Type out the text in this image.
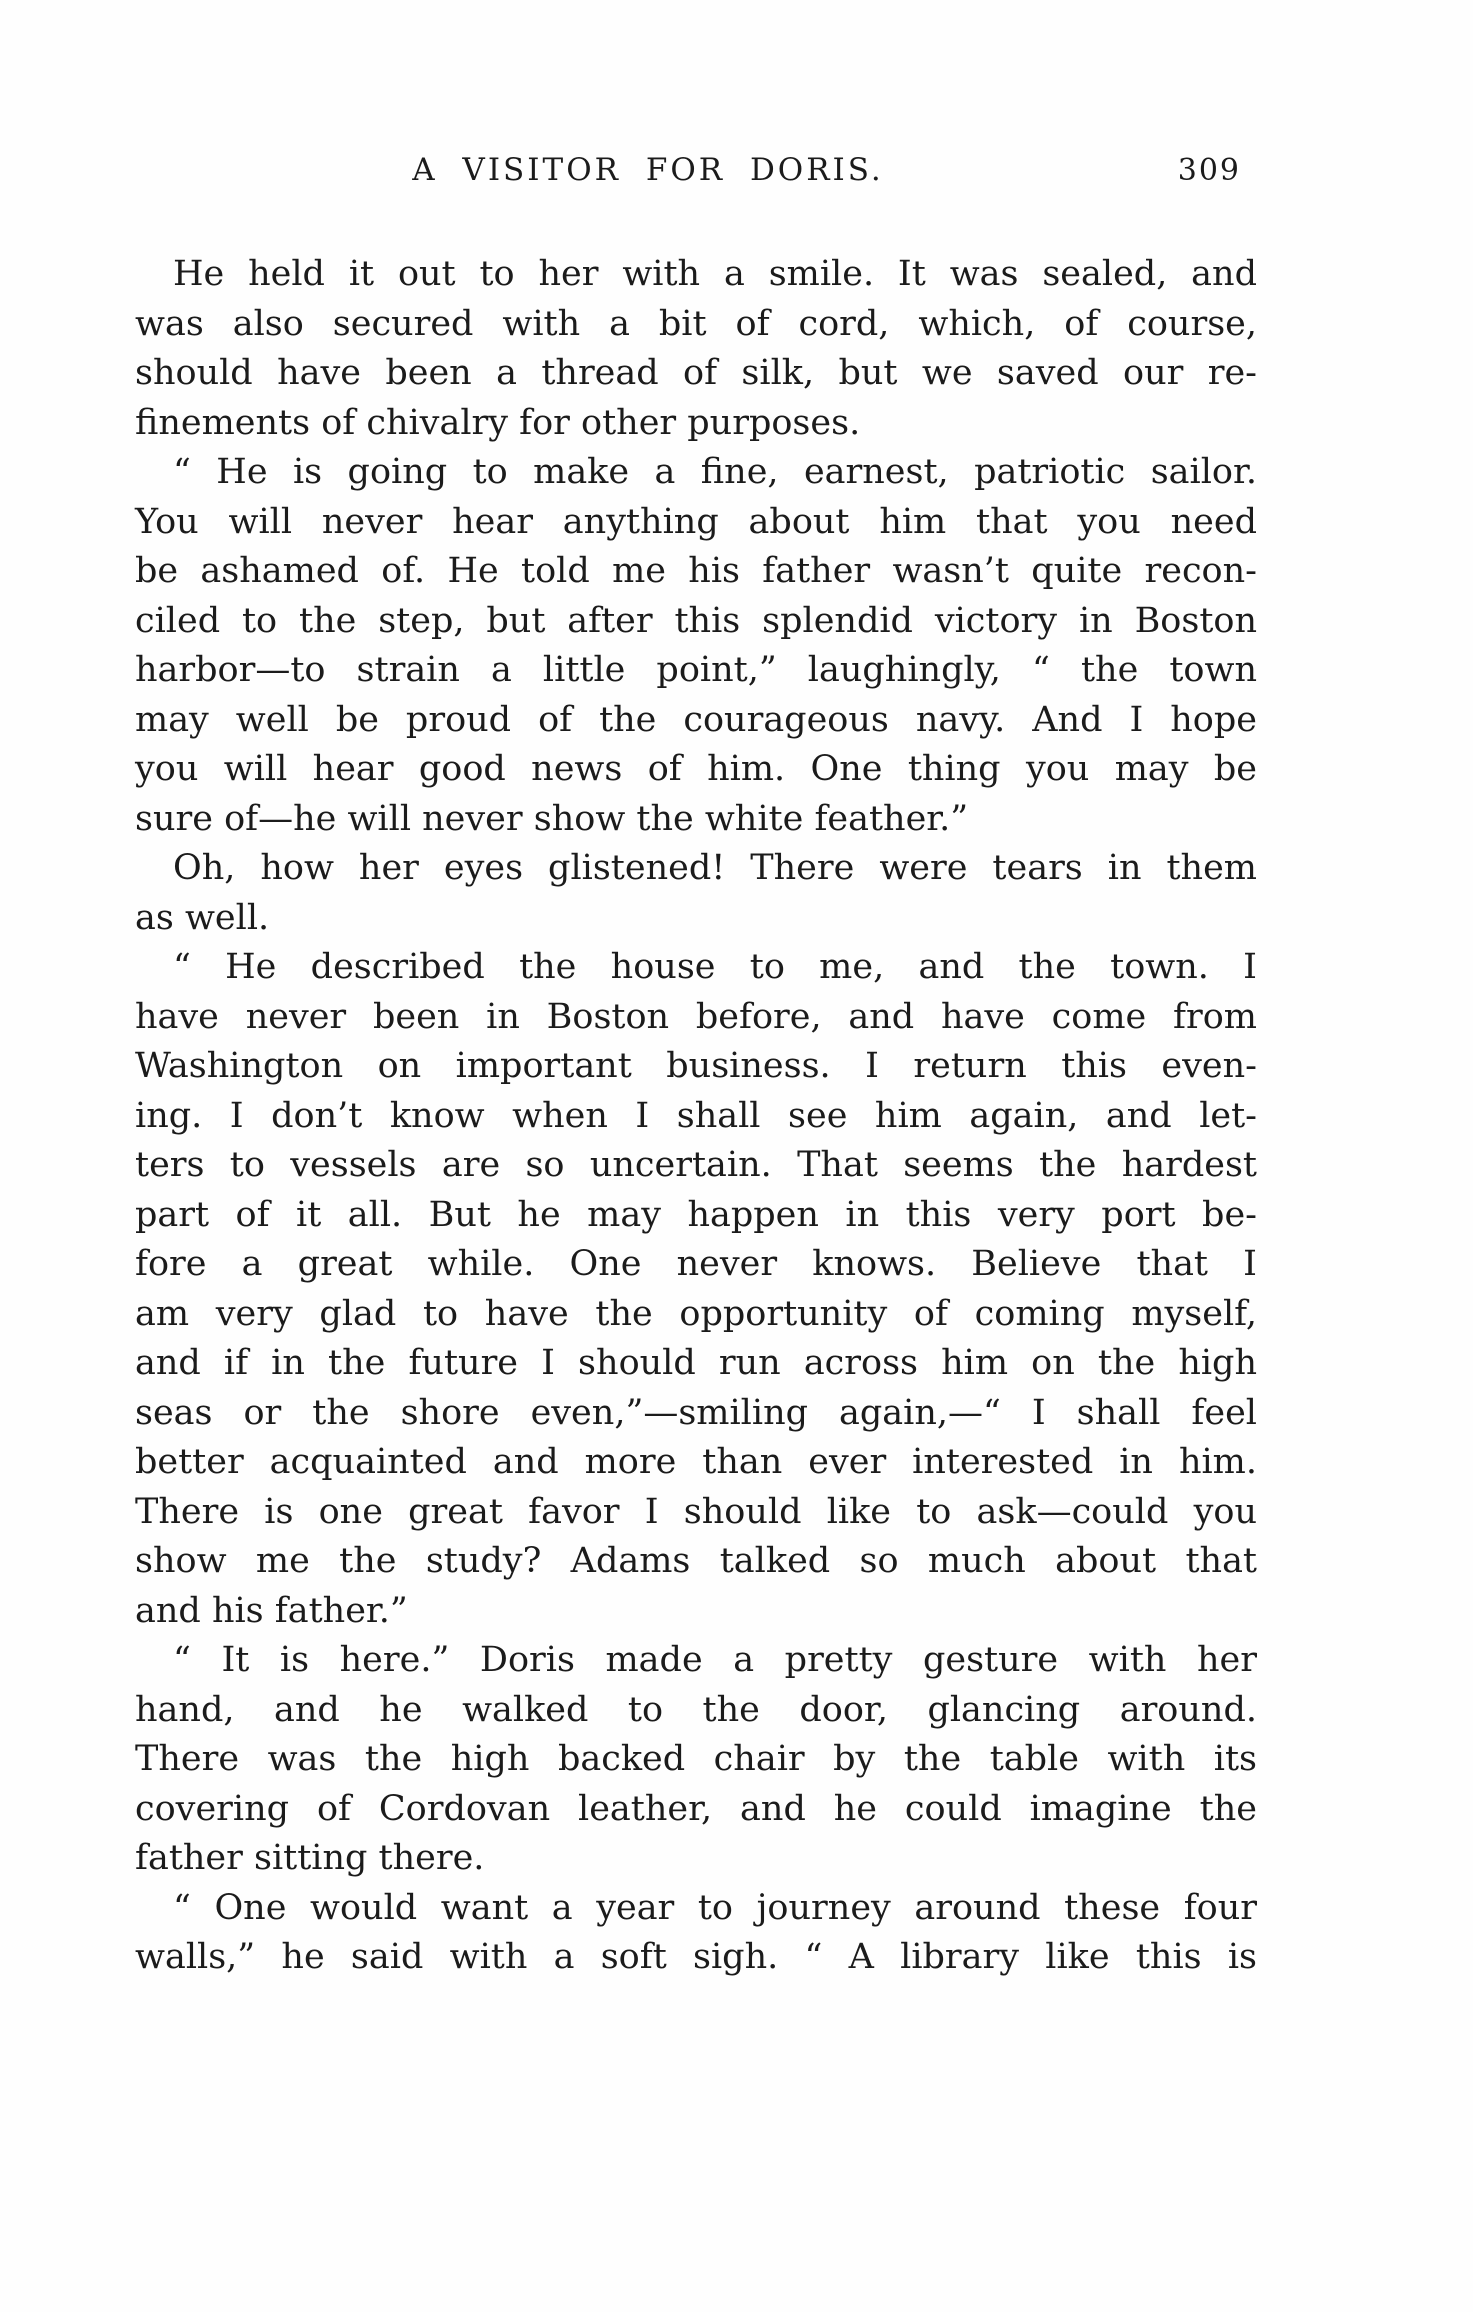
A VISITOR FOR DORIS.	309
He held it out to her with a smile. It was sealed, and
was also secured with a bit of cord, which, of course,
should have been a thread of silk, but we saved our re-
finements of chivalry for other purposes.
“ He is going to make a fine, earnest, patriotic sailor.
You will never hear anything about him that you need
be ashamed of. He told me his father wasn’t quite recon-
ciled to the step, but after this splendid victory in Boston
harbor—to strain a little point,” laughingly, “ the town
may well be proud of the courageous navy. And I hope
you will hear good news of him. One thing you may be
sure of—he will never show the white feather.”
Oh, how her eyes glistened! There were tears in them
as well.
“ He described the house to me, and the town. I
have never been in Boston before, and have come from
Washington on important business. I return this even-
ing. I don’t know when I shall see him again, and let-
ters to vessels are so uncertain. That seems the hardest
part of it all. But he may happen in this very port be-
fore a great while. One never knows. Believe that I
am very glad to have the opportunity of coming myself,
and if in the future I should run across him on the high
seas or the shore even,”—smiling again,—“ I shall feel
better acquainted and more than ever interested in him.
There is one great favor I should like to ask—could you
show me the study? Adams talked so much about that
and his father.”
“ It is here.” Doris made a pretty gesture with her
hand, and he walked to the door, glancing around.
There was the high backed chair by the table with its
covering of Cordovan leather, and he could imagine the
father sitting there.
“ One would want a year to journey around these four
walls,” he said with a soft sigh. “ A library like this is
